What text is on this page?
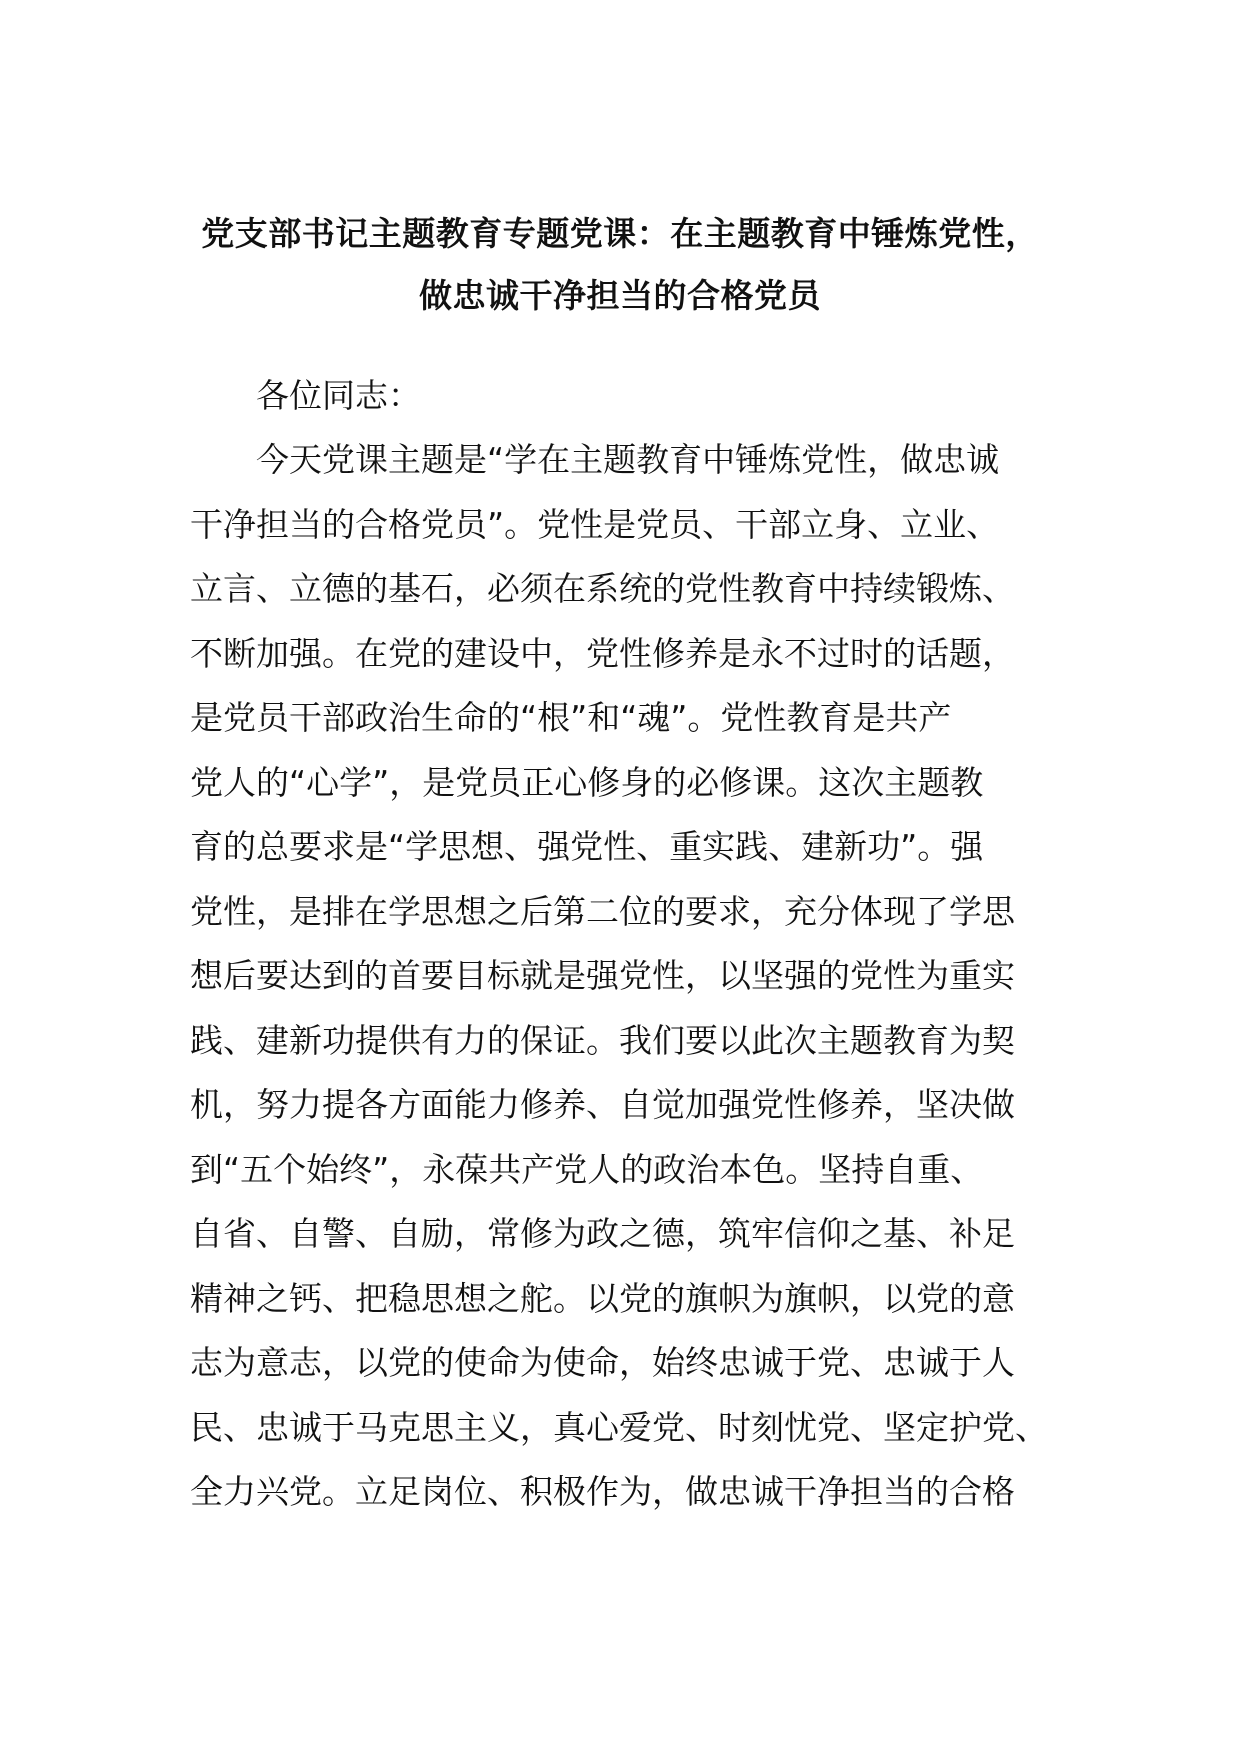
党支部书记主题教育专题党课：在主题教育中锤炼党性，
做忠诚干净担当的合格党员
各位同志：
今天党课主题是“学在主题教育中锤炼党性，做忠诚
干净担当的合格党员”。党性是党员、干部立身、立业、
立言、立德的基石，必须在系统的党性教育中持续锻炼、
不断加强。在党的建设中，党性修养是永不过时的话题，
是党员干部政治生命的“根”和“魂”。党性教育是共产
党人的“心学”，是党员正心修身的必修课。这次主题教
育的总要求是“学思想、强党性、重实践、建新功”。强
党性，是排在学思想之后第二位的要求，充分体现了学思
想后要达到的首要目标就是强党性，以坚强的党性为重实
践、建新功提供有力的保证。我们要以此次主题教育为契
机，努力提各方面能力修养、自觉加强党性修养，坚决做
到“五个始终”，永葆共产党人的政治本色。坚持自重、
自省、自警、自励，常修为政之德，筑牢信仰之基、补足
精神之钙、把稳思想之舵。以党的旗帜为旗帜，以党的意
志为意志，以党的使命为使命，始终忠诚于党、忠诚于人
民、忠诚于马克思主义，真心爱党、时刻忧党、坚定护党、
全力兴党。立足岗位、积极作为，做忠诚干净担当的合格
